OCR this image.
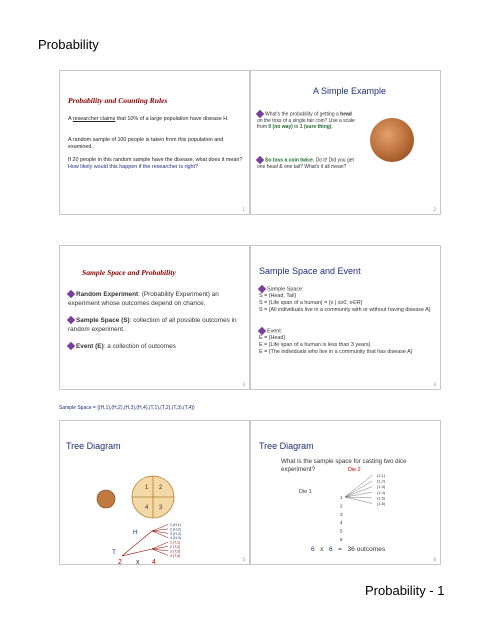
Probability
Probability and Counting Rules
A researcher claims that 10% of a large population have disease H.
A random sample of 100 people is taken from this population and examined.
If 20 people in this random sample have the disease, what does it mean? How likely would this happen if the researcher is right?
1
A Simple Example
What's the probability of getting a head on the toss of a single fair coin? Use a scale from 0 (no way) to 1 (sure thing).
So toss a coin twice. Do it! Did you get one head & one tail? What's it all mean?
2
Sample Space and Probability
Random Experiment: (Probability Experiment) an experiment whose outcomes depend on chance.
Sample Space (S): collection of all possible outcomes in random experiment.
Event (E): a collection of outcomes
3
Sample Space and Event
Sample Space:
S = {Head, Tail}
S = {Life span of a human} = {x | x≥0, x∈R}
S = {All individuals live in a community with or without having disease A}
Event:
E = {Head}
E = {Life span of a human is less than 3 years}
E = {The individuals who live in a community that has disease A}
4
Sample Space = {(H,1),(H,2),(H,3),(H,4),(T,1),(T,2),(T,3),(T,4)}
Tree Diagram
1 2
4 3
H
T
2 x 4
1 (H,1)
2 (H,2)
3 (H,3)
4 (H,4)
1 (T,1)
2 (T,2)
3 (T,3)
4 (T,4)
5
Tree Diagram
What is the sample space for casting two dice experiment?	Die 2
Die 1
1
2
3
4
5
6
(1,1)
(1,2)
(1,3)
(1,4)
(1,5)
(1,6)
6 x 6 = 36 outcomes
6
Probability - 1
